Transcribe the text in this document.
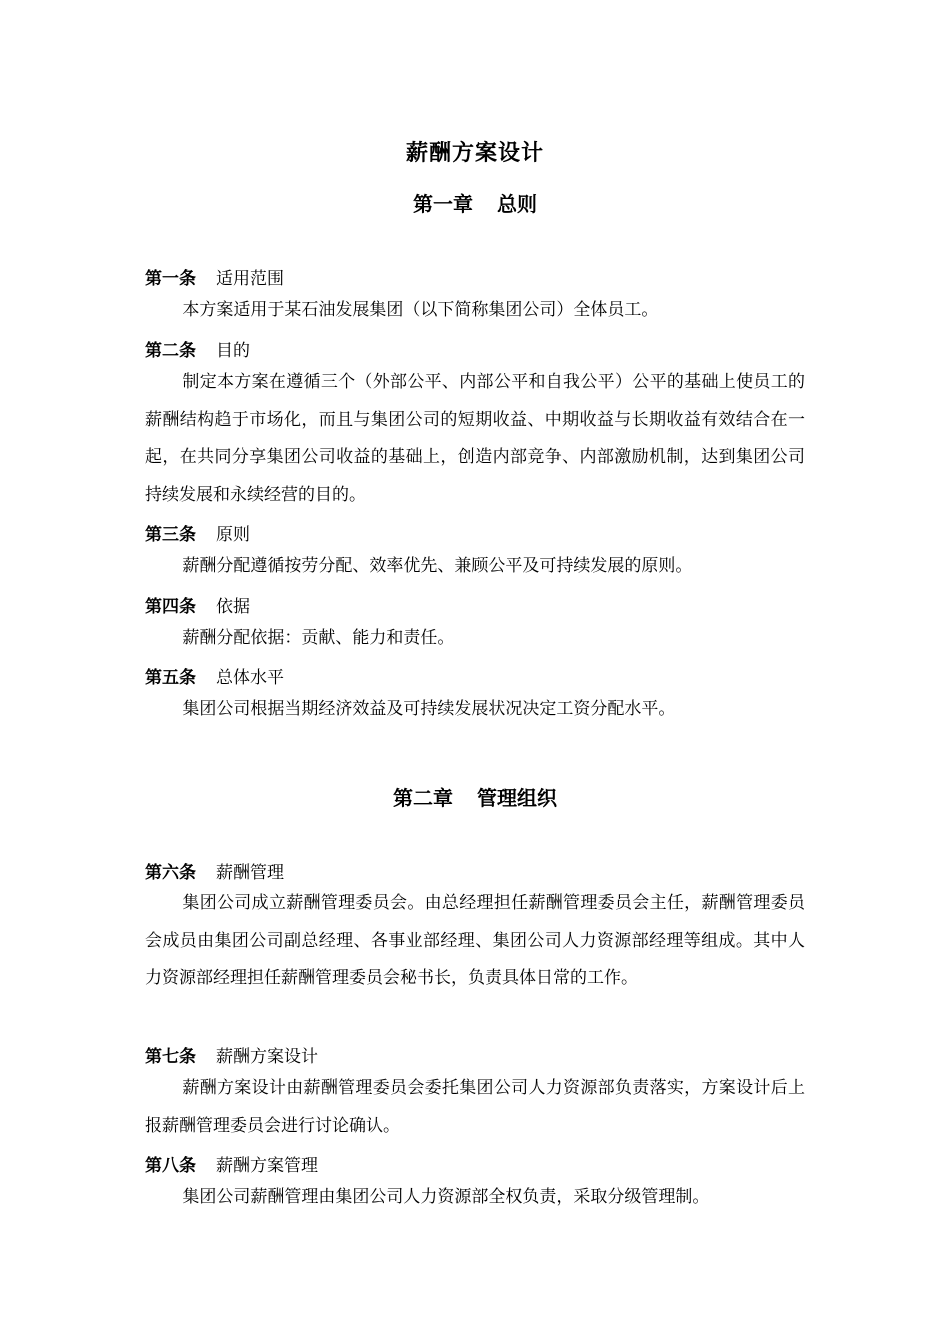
薪酬方案设计
第一章 总则

第一条 适用范围

本方案适用于某石油发展集团（以下简称集团公司）全体员工。

第二条 目的

制定本方案在遵循三个（外部公平、内部公平和自我公平）公平的基础上使员工的薪酬结构趋于市场化，而且与集团公司的短期收益、中期收益与长期收益有效结合在一起，在共同分享集团公司收益的基础上，创造内部竞争、内部激励机制，达到集团公司持续发展和永续经营的目的。

第三条 原则

薪酬分配遵循按劳分配、效率优先、兼顾公平及可持续发展的原则。

第四条 依据

薪酬分配依据：贡献、能力和责任。

第五条 总体水平

集团公司根据当期经济效益及可持续发展状况决定工资分配水平。

第二章 管理组织

第六条 薪酬管理

集团公司成立薪酬管理委员会。由总经理担任薪酬管理委员会主任，薪酬管理委员会成员由集团公司副总经理、各事业部经理、集团公司人力资源部经理等组成。其中人力资源部经理担任薪酬管理委员会秘书长，负责具体日常的工作。

第七条 薪酬方案设计

薪酬方案设计由薪酬管理委员会委托集团公司人力资源部负责落实，方案设计后上报薪酬管理委员会进行讨论确认。

第八条 薪酬方案管理

集团公司薪酬管理由集团公司人力资源部全权负责，采取分级管理制。
